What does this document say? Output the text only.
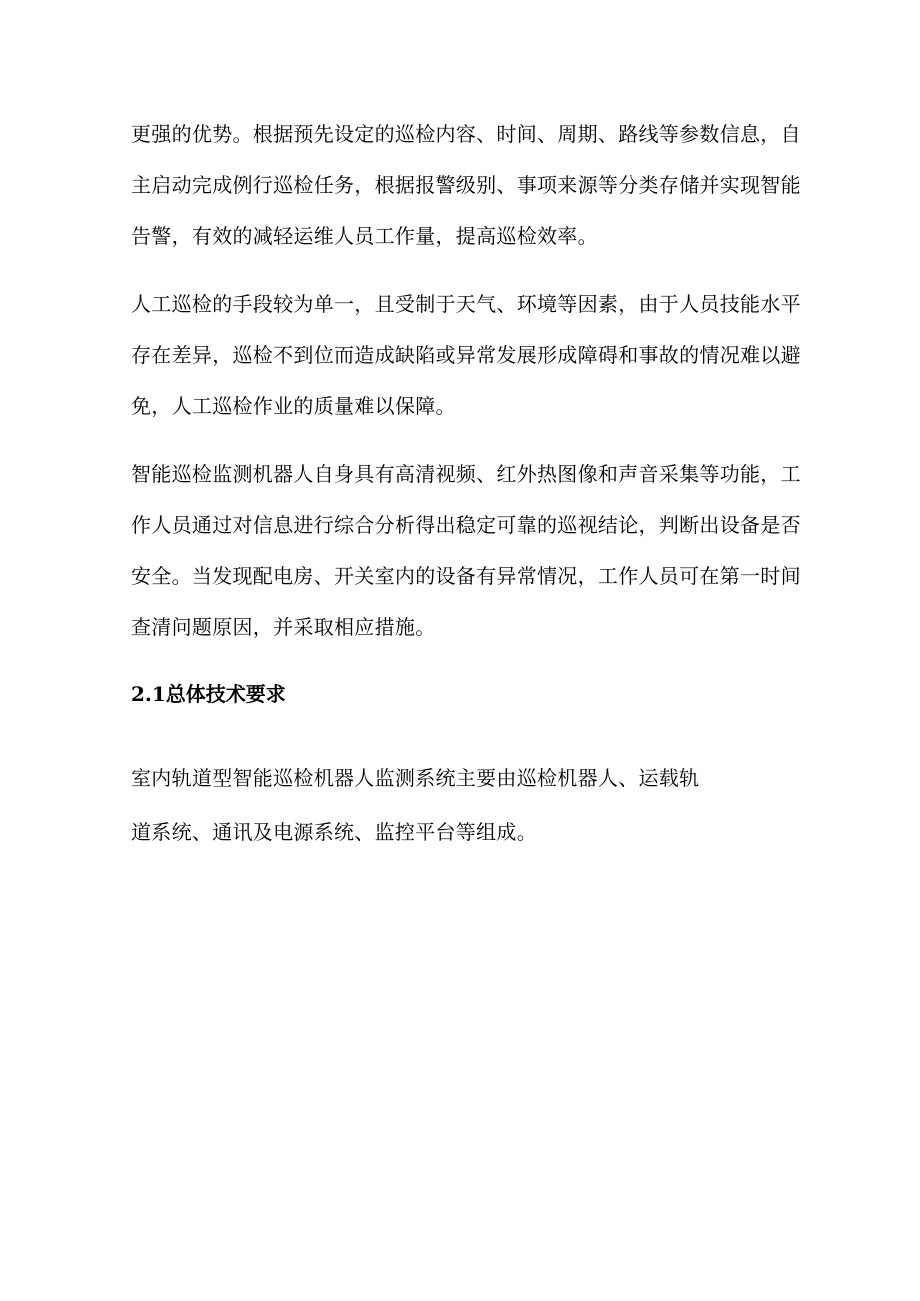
更强的优势。根据预先设定的巡检内容、时间、周期、路线等参数信息，自
主启动完成例行巡检任务，根据报警级别、事项来源等分类存储并实现智能
告警，有效的减轻运维人员工作量，提高巡检效率。
人工巡检的手段较为单一，且受制于天气、环境等因素，由于人员技能水平
存在差异，巡检不到位而造成缺陷或异常发展形成障碍和事故的情况难以避
免，人工巡检作业的质量难以保障。
智能巡检监测机器人自身具有高清视频、红外热图像和声音采集等功能，工
作人员通过对信息进行综合分析得出稳定可靠的巡视结论，判断出设备是否
安全。当发现配电房、开关室内的设备有异常情况，工作人员可在第一时间
查清问题原因，并采取相应措施。
2.1总体技术要求
室内轨道型智能巡检机器人监测系统主要由巡检机器人、运载轨
道系统、通讯及电源系统、监控平台等组成。
